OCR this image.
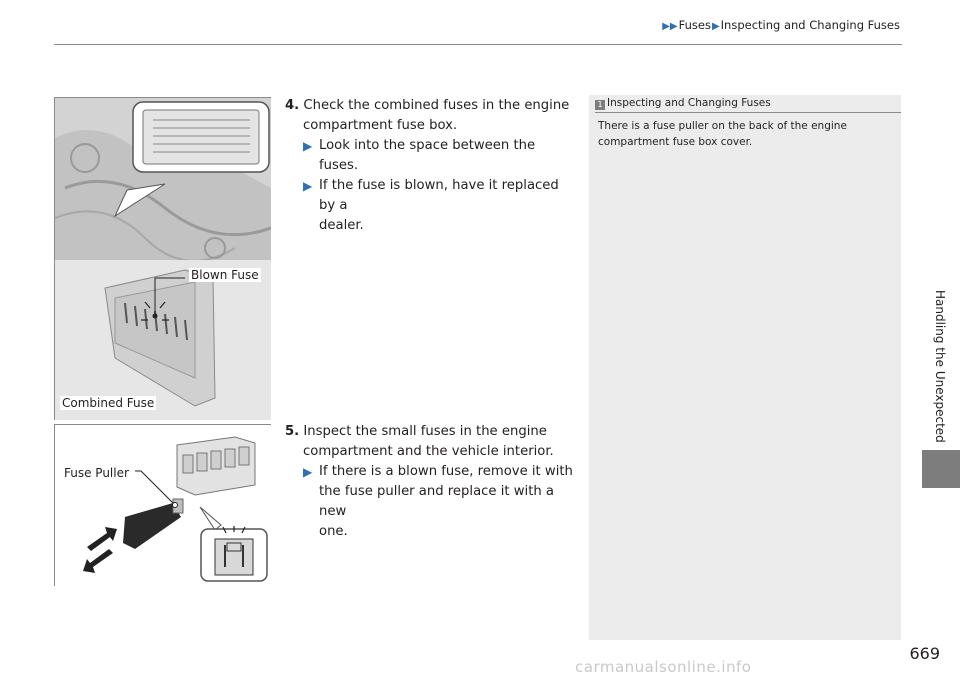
▶▶Fuses▶Inspecting and Changing Fuses
Handling the Unexpected
Blown Fuse
Combined Fuse
Fuse Puller
4. Check the combined fuses in the engine
compartment fuse box.
▶ Look into the space between the fuses.
▶ If the fuse is blown, have it replaced by a
dealer.
5. Inspect the small fuses in the engine
compartment and the vehicle interior.
▶ If there is a blown fuse, remove it with
the fuse puller and replace it with a new
one.
1 Inspecting and Changing Fuses
There is a fuse puller on the back of the engine compartment fuse box cover.
669
carmanualsonline.info
